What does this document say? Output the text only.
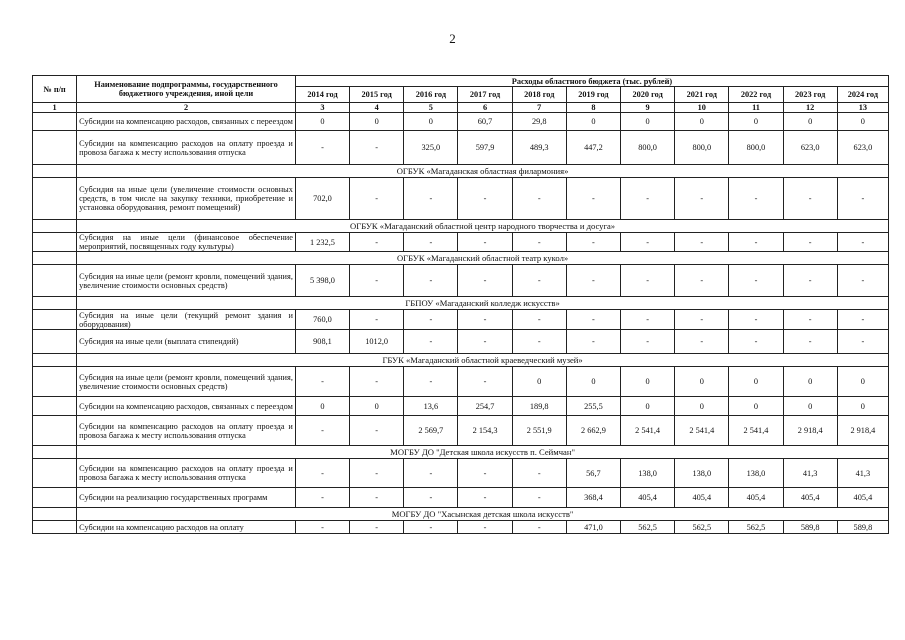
2
№ п/п	Наименование подпрограммы, государственного бюджетного учреждения, иной цели	Расходы областного бюджета (тыс. рублей)										
		2014 год	2015 год	2016 год	2017 год	2018 год	2019 год	2020 год	2021 год	2022 год	2023 год	2024 год
1	2	3	4	5	6	7	8	9	10	11	12	13
	Субсидии на компенсацию расходов, связанных с переездом	0	0	0	60,7	29,8	0	0	0	0	0	0
	Субсидии на компенсацию расходов на оплату проезда и провоза багажа к месту использования отпуска	-	-	325,0	597,9	489,3	447,2	800,0	800,0	800,0	623,0	623,0
	ОГБУК «Магаданская областная филармония»											
	Субсидия на иные цели (увеличение стоимости основных средств, в том числе на закупку техники, приобретение и установка оборудования, ремонт помещений)	702,0	-	-	-	-	-	-	-	-	-	-
	ОГБУК «Магаданский областной центр народного творчества и досуга»											
	Субсидия на иные цели (финансовое обеспечение мероприятий, посвященных году культуры)	1 232,5	-	-	-	-	-	-	-	-	-	-
	ОГБУК «Магаданский областной театр кукол»											
	Субсидия на иные цели (ремонт кровли, помещений здания, увеличение стоимости основных средств)	5 398,0	-	-	-	-	-	-	-	-	-	-
	ГБПОУ «Магаданский колледж искусств»											
	Субсидия на иные цели (текущий ремонт здания и оборудования)	760,0	-	-	-	-	-	-	-	-	-	-
	Субсидия на иные цели (выплата стипендий)	908,1	1012,0	-	-	-	-	-	-	-	-	-
	ГБУК «Магаданский областной краеведческий музей»											
	Субсидия на иные цели (ремонт кровли, помещений здания, увеличение стоимости основных средств)	-	-	-	-	0	0	0	0	0	0	0
	Субсидии на компенсацию расходов, связанных с переездом	0	0	13,6	254,7	189,8	255,5	0	0	0	0	0
	Субсидии на компенсацию расходов на оплату проезда и провоза багажа к месту использования отпуска	-	-	2 569,7	2 154,3	2 551,9	2 662,9	2 541,4	2 541,4	2 541,4	2 918,4	2 918,4
	МОГБУ ДО "Детская школа искусств п. Сеймчан"											
	Субсидии на компенсацию расходов на оплату проезда и провоза багажа к месту использования отпуска	-	-	-	-	-	56,7	138,0	138,0	138,0	41,3	41,3
	Субсидии на реализацию государственных программ	-	-	-	-	-	368,4	405,4	405,4	405,4	405,4	405,4
	МОГБУ ДО "Хасынская детская школа искусств"											
	Субсидии на компенсацию расходов на оплату	-	-	-	-	-	471,0	562,5	562,5	562,5	589,8	589,8
